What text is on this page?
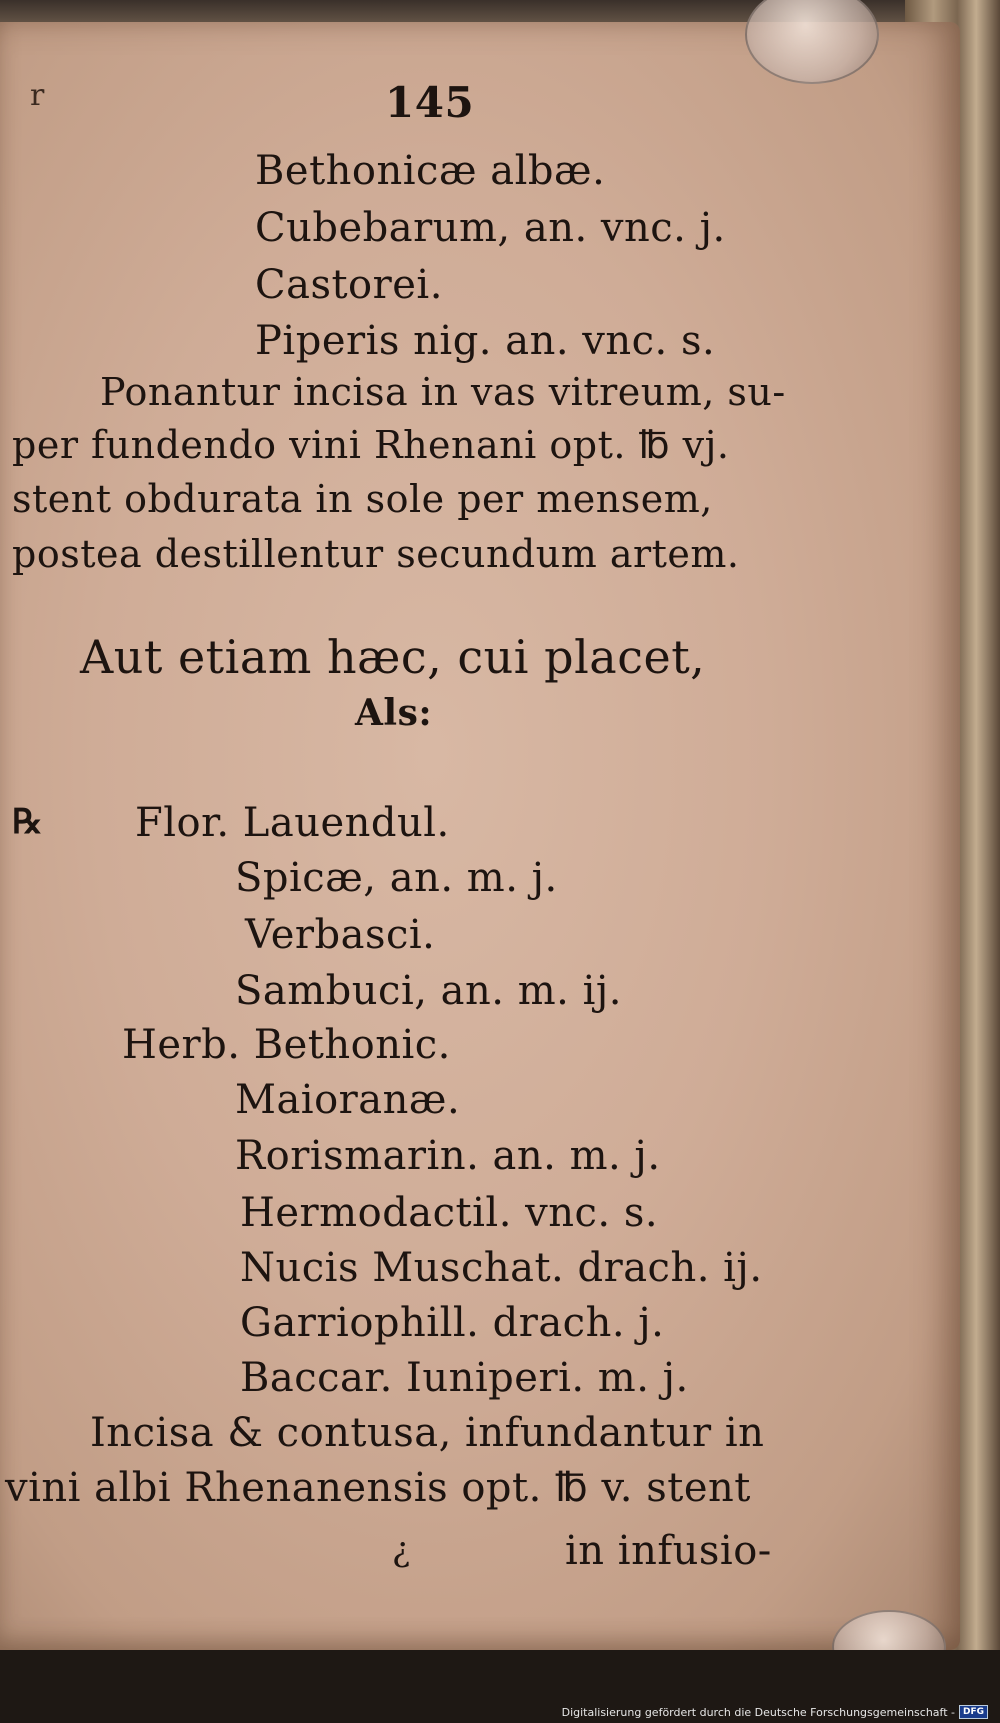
r	145
Bethonicæ albæ.
Cubebarum, an. vnc. j.
Castorei.
Piperis nig. an. vnc. s.
Ponantur incisa in vas vitreum, su-
per fundendo vini Rhenani opt. ℔ vj.
stent obdurata in sole per mensem,
postea destillentur secundum artem.
Aut etiam hæc, cui placet,
Als:
℞ Flor. Lauendul.
Spicæ, an. m. j.
Verbasci.
Sambuci, an. m. ij.
Herb. Bethonic.
Maioranæ.
Rorismarin. an. m. j.
Hermodactil. vnc. s.
Nucis Muschat. drach. ij.
Garriophill. drach. j.
Baccar. Iuniperi. m. j.
Incisa & contusa, infundantur in
vini albi Rhenanensis opt. ℔ v. stent
in infusio-
¿
Digitalisierung gefördert durch die Deutsche Forschungsgemeinschaft - DFG
